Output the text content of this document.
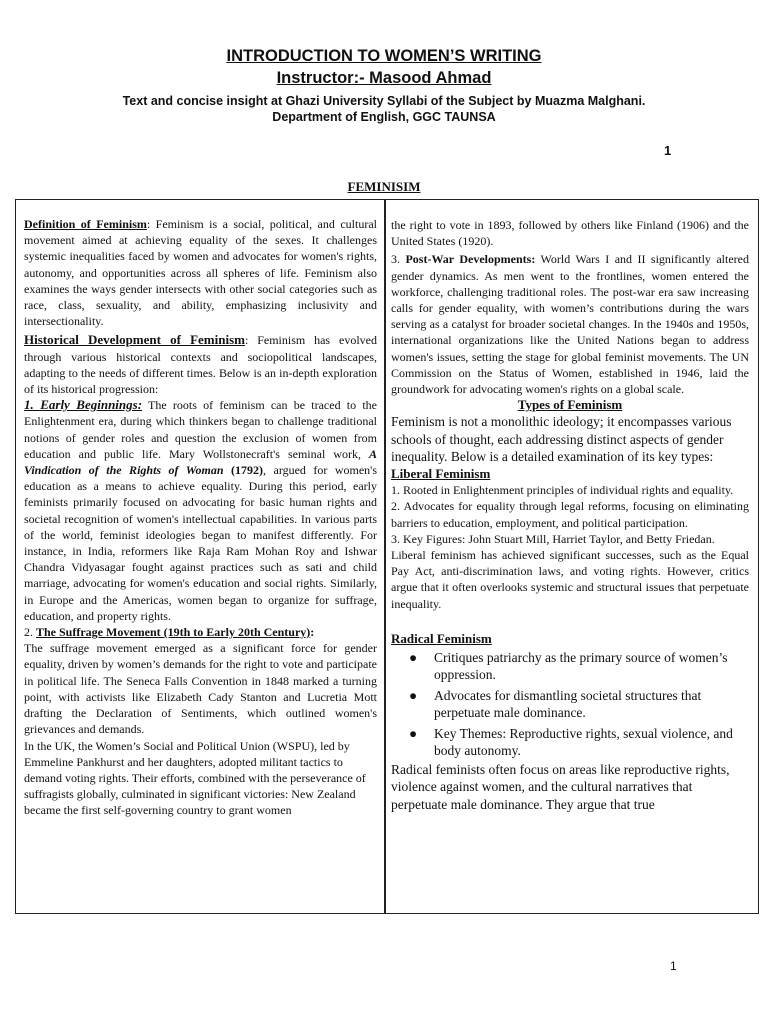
INTRODUCTION TO WOMEN’S WRITING
Instructor:- Masood Ahmad
Text and concise insight at Ghazi University Syllabi of the Subject by Muazma Malghani.
Department of English, GGC TAUNSA
1
FEMINISIM

Definition of Feminism: Feminism is a social, political, and cultural movement aimed at achieving equality of the sexes. It challenges systemic inequalities faced by women and advocates for women's rights, autonomy, and opportunities across all spheres of life. Feminism also examines the ways gender intersects with other social categories such as race, class, sexuality, and ability, emphasizing inclusivity and intersectionality.

Historical Development of Feminism: Feminism has evolved through various historical contexts and sociopolitical landscapes, adapting to the needs of different times. Below is an in-depth exploration of its historical progression:

1. Early Beginnings: The roots of feminism can be traced to the Enlightenment era, during which thinkers began to challenge traditional notions of gender roles and question the exclusion of women from education and public life. Mary Wollstonecraft's seminal work, A Vindication of the Rights of Woman (1792), argued for women's education as a means to achieve equality. During this period, early feminists primarily focused on advocating for basic human rights and societal recognition of women's intellectual capabilities. In various parts of the world, feminist ideologies began to manifest differently. For instance, in India, reformers like Raja Ram Mohan Roy and Ishwar Chandra Vidyasagar fought against practices such as sati and child marriage, advocating for women's education and social rights. Similarly, in Europe and the Americas, women began to organize for suffrage, education, and property rights.

2. The Suffrage Movement (19th to Early 20th Century):

The suffrage movement emerged as a significant force for gender equality, driven by women’s demands for the right to vote and participate in political life. The Seneca Falls Convention in 1848 marked a turning point, with activists like Elizabeth Cady Stanton and Lucretia Mott drafting the Declaration of Sentiments, which outlined women's grievances and demands.

In the UK, the Women’s Social and Political Union (WSPU), led by Emmeline Pankhurst and her daughters, adopted militant tactics to demand voting rights. Their efforts, combined with the perseverance of suffragists globally, culminated in significant victories: New Zealand became the first self-governing country to grant women

the right to vote in 1893, followed by others like Finland (1906) and the United States (1920).

3. Post-War Developments: World Wars I and II significantly altered gender dynamics. As men went to the frontlines, women entered the workforce, challenging traditional roles. The post-war era saw increasing calls for gender equality, with women’s contributions during the wars serving as a catalyst for broader societal changes. In the 1940s and 1950s, international organizations like the United Nations began to address women's issues, setting the stage for global feminist movements. The UN Commission on the Status of Women, established in 1946, laid the groundwork for advocating women's rights on a global scale.

Types of Feminism

Feminism is not a monolithic ideology; it encompasses various schools of thought, each addressing distinct aspects of gender inequality. Below is a detailed examination of its key types:

Liberal Feminism

1. Rooted in Enlightenment principles of individual rights and equality.

2. Advocates for equality through legal reforms, focusing on eliminating barriers to education, employment, and political participation.

3. Key Figures: John Stuart Mill, Harriet Taylor, and Betty Friedan.

Liberal feminism has achieved significant successes, such as the Equal Pay Act, anti-discrimination laws, and voting rights. However, critics argue that it often overlooks systemic and structural issues that perpetuate inequality.

Radical Feminism

● Critiques patriarchy as the primary source of women’s oppression.
● Advocates for dismantling societal structures that perpetuate male dominance.
● Key Themes: Reproductive rights, sexual violence, and body autonomy.

Radical feminists often focus on areas like reproductive rights, violence against women, and the cultural narratives that perpetuate male dominance. They argue that true

1
